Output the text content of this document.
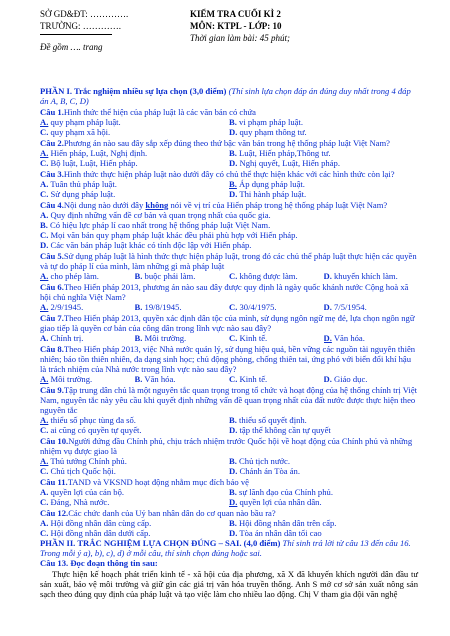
SỞ GD&ĐT: ………….
TRƯỜNG: ………….
Đề gồm …. trang
KIỂM TRA CUỐI KÌ 2
MÔN: KTPL - LỚP: 10
Thời gian làm bài: 45 phút;
PHẦN I. Trắc nghiệm nhiều sự lựa chọn (3,0 điểm) (Thí sinh lựa chọn đáp án đúng duy nhất trong 4 đáp án A, B, C, D)
Câu 1.Hình thức thể hiện của pháp luật là các văn bản có chứa
A. quy phạm pháp luật.	B. vi phạm pháp luật.
C. quy phạm xã hội.	D. quy phạm thông tư.
Câu 2.Phương án nào sau đây sắp xếp đúng theo thứ bậc văn bản trong hệ thống pháp luật Việt Nam?
A. Hiến pháp, Luật, Nghị định.	B. Luật, Hiến pháp,Thông tư.
C. Bộ luật, Luật, Hiến pháp.	D. Nghị quyết, Luật, Hiến pháp.
Câu 3.Hình thức thực hiện pháp luật nào dưới đây có chủ thể thực hiện khác với các hình thức còn lại?
A. Tuân thủ pháp luật.	B. Áp dụng pháp luật.
C. Sử dụng pháp luật.	D. Thi hành pháp luật.
Câu 4.Nội dung nào dưới đây không nói về vị trí của Hiến pháp trong hệ thống pháp luật Việt Nam?
A. Quy định những vấn đề cơ bản và quan trọng nhất của quốc gia.
B. Có hiệu lực pháp lí cao nhất trong hệ thống pháp luật Việt Nam.
C. Mọi văn bản quy phạm pháp luật khác đều phải phù hợp với Hiến pháp.
D. Các văn bản pháp luật khác có tính độc lập với Hiến pháp.
Câu 5.Sử dụng pháp luật là hình thức thực hiện pháp luật, trong đó các chủ thể pháp luật thực hiện các quyền và tự do pháp lí của mình, làm những gì mà pháp luật
A. cho phép làm.	B. buộc phải làm.	C. không được làm.	D. khuyến khích làm.
Câu 6.Theo Hiến pháp 2013, phương án nào sau đây được quy định là ngày quốc khánh nước Cộng hoà xã hội chủ nghĩa Việt Nam?
A. 2/9/1945.	B. 19/8/1945.	C. 30/4/1975.	D. 7/5/1954.
Câu 7.Theo Hiến pháp 2013, quyền xác định dân tộc của mình, sử dụng ngôn ngữ mẹ đẻ, lựa chọn ngôn ngữ giao tiếp là quyền cơ bản của công dân trong lĩnh vực nào sau đây?
A. Chính trị.	B. Môi trường.	C. Kinh tế.	D. Văn hóa.
Câu 8.Theo Hiến pháp 2013, việc Nhà nước quản lý, sử dụng hiệu quả, bền vững các nguồn tài nguyên thiên nhiên; bảo tồn thiên nhiên, đa dạng sinh học; chủ động phòng, chống thiên tai, ứng phó với biến đổi khí hậu là trách nhiệm của Nhà nước trong lĩnh vực nào sau đây?
A. Môi trường.	B. Văn hóa.	C. Kinh tế.	D. Giáo dục.
Câu 9.Tập trung dân chủ là một nguyên tắc quan trọng trong tổ chức và hoạt động của hệ thống chính trị Việt Nam, nguyên tắc này yêu cầu khi quyết định những vấn đề quan trọng nhất của đất nước được thực hiện theo nguyên tắc
A. thiểu số phục tùng đa số.	B. thiểu số quyết định.
C. ai cũng có quyền tự quyết.	D. tập thể không cần tự quyết
Câu 10.Người đứng đầu Chính phủ, chịu trách nhiệm trước Quốc hội về hoạt động của Chính phủ và những nhiệm vụ được giao là
A. Thủ tướng Chính phủ.	B. Chủ tịch nước.
C. Chủ tịch Quốc hội.	D. Chánh án Tòa án.
Câu 11.TAND và VKSND hoạt động nhằm mục đích bảo vệ
A. quyền lợi của cán bộ.	B. sự lãnh đạo của Chính phủ.
C. Đảng, Nhà nước.	D. quyền lợi của nhân dân.
Câu 12.Các chức danh của Uỷ ban nhân dân do cơ quan nào bầu ra?
A. Hội đồng nhân dân cùng cấp.	B. Hội đồng nhân dân trên cấp.
C. Hội đồng nhân dân dưới cấp.	D. Tòa án nhân dân tối cao
PHẦN II. TRẮC NGHIỆM LỰA CHỌN ĐÚNG – SAI. (4,0 điểm) Thí sinh trả lời từ câu 13 đến câu 16. Trong mỗi ý a), b), c), d) ở mỗi câu, thí sinh chọn đúng hoặc sai.
Câu 13. Đọc đoạn thông tin sau:
Thực hiện kế hoạch phát triển kinh tế - xã hội của địa phương, xã X đã khuyến khích người dân đầu tư sản xuất, bảo vệ môi trường và giữ gìn các giá trị văn hóa truyền thống. Anh S mở cơ sở sản xuất nông sản sạch theo đúng quy định của pháp luật và tạo việc làm cho nhiều lao động. Chị V tham gia đội văn nghệ
